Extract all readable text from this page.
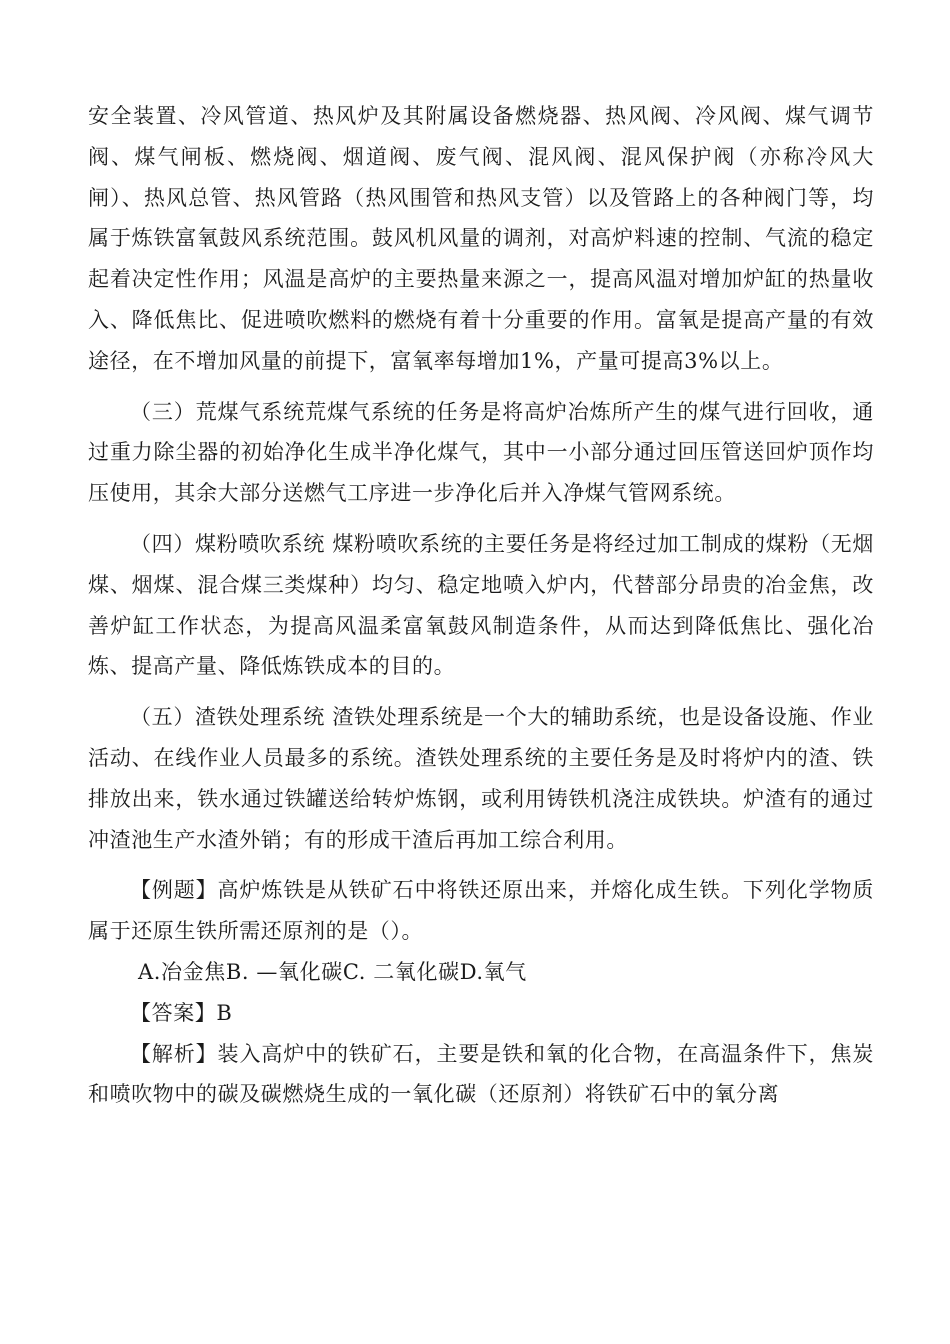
安全装置、冷风管道、热风炉及其附属设备燃烧器、热风阀、冷风阀、煤气调节阀、煤气闸板、燃烧阀、烟道阀、废气阀、混风阀、混风保护阀（亦称冷风大闸）、热风总管、热风管路（热风围管和热风支管）以及管路上的各种阀门等，均属于炼铁富氧鼓风系统范围。鼓风机风量的调剂，对高炉料速的控制、气流的稳定起着决定性作用；风温是高炉的主要热量来源之一，提高风温对增加炉缸的热量收入、降低焦比、促进喷吹燃料的燃烧有着十分重要的作用。富氧是提高产量的有效途径，在不增加风量的前提下，富氧率每增加1%，产量可提高3%以上。

（三）荒煤气系统荒煤气系统的任务是将高炉冶炼所产生的煤气进行回收，通过重力除尘器的初始净化生成半净化煤气，其中一小部分通过回压管送回炉顶作均压使用，其余大部分送燃气工序进一步净化后并入净煤气管网系统。

（四）煤粉喷吹系统 煤粉喷吹系统的主要任务是将经过加工制成的煤粉（无烟煤、烟煤、混合煤三类煤种）均匀、稳定地喷入炉内，代替部分昂贵的冶金焦，改善炉缸工作状态，为提高风温柔富氧鼓风制造条件，从而达到降低焦比、强化冶炼、提高产量、降低炼铁成本的目的。

（五）渣铁处理系统 渣铁处理系统是一个大的辅助系统，也是设备设施、作业活动、在线作业人员最多的系统。渣铁处理系统的主要任务是及时将炉内的渣、铁排放出来，铁水通过铁罐送给转炉炼钢，或利用铸铁机浇注成铁块。炉渣有的通过冲渣池生产水渣外销；有的形成干渣后再加工综合利用。

【例题】高炉炼铁是从铁矿石中将铁还原出来，并熔化成生铁。下列化学物质属于还原生铁所需还原剂的是（）。

A.冶金焦B. —氧化碳C. 二氧化碳D.氧气

【答案】B

【解析】装入高炉中的铁矿石，主要是铁和氧的化合物，在高温条件下，焦炭和喷吹物中的碳及碳燃烧生成的一氧化碳（还原剂）将铁矿石中的氧分离
